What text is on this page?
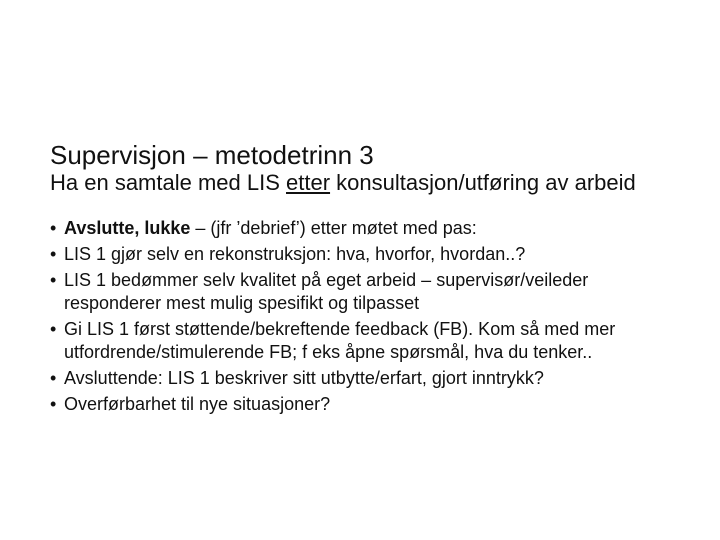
Supervisjon – metodetrinn 3
Ha en samtale med LIS etter konsultasjon/utføring av arbeid
• Avslutte, lukke – (jfr ’debrief’) etter møtet med pas:
• LIS 1 gjør selv en rekonstruksjon: hva, hvorfor, hvordan..?
• LIS 1 bedømmer selv kvalitet på eget arbeid – supervisør/veileder
responderer mest mulig spesifikt og tilpasset
• Gi LIS 1 først støttende/bekreftende feedback (FB). Kom så med mer
utfordrende/stimulerende FB; f eks åpne spørsmål, hva du tenker..
• Avsluttende: LIS 1 beskriver sitt utbytte/erfart, gjort inntrykk?
• Overførbarhet til nye situasjoner?
